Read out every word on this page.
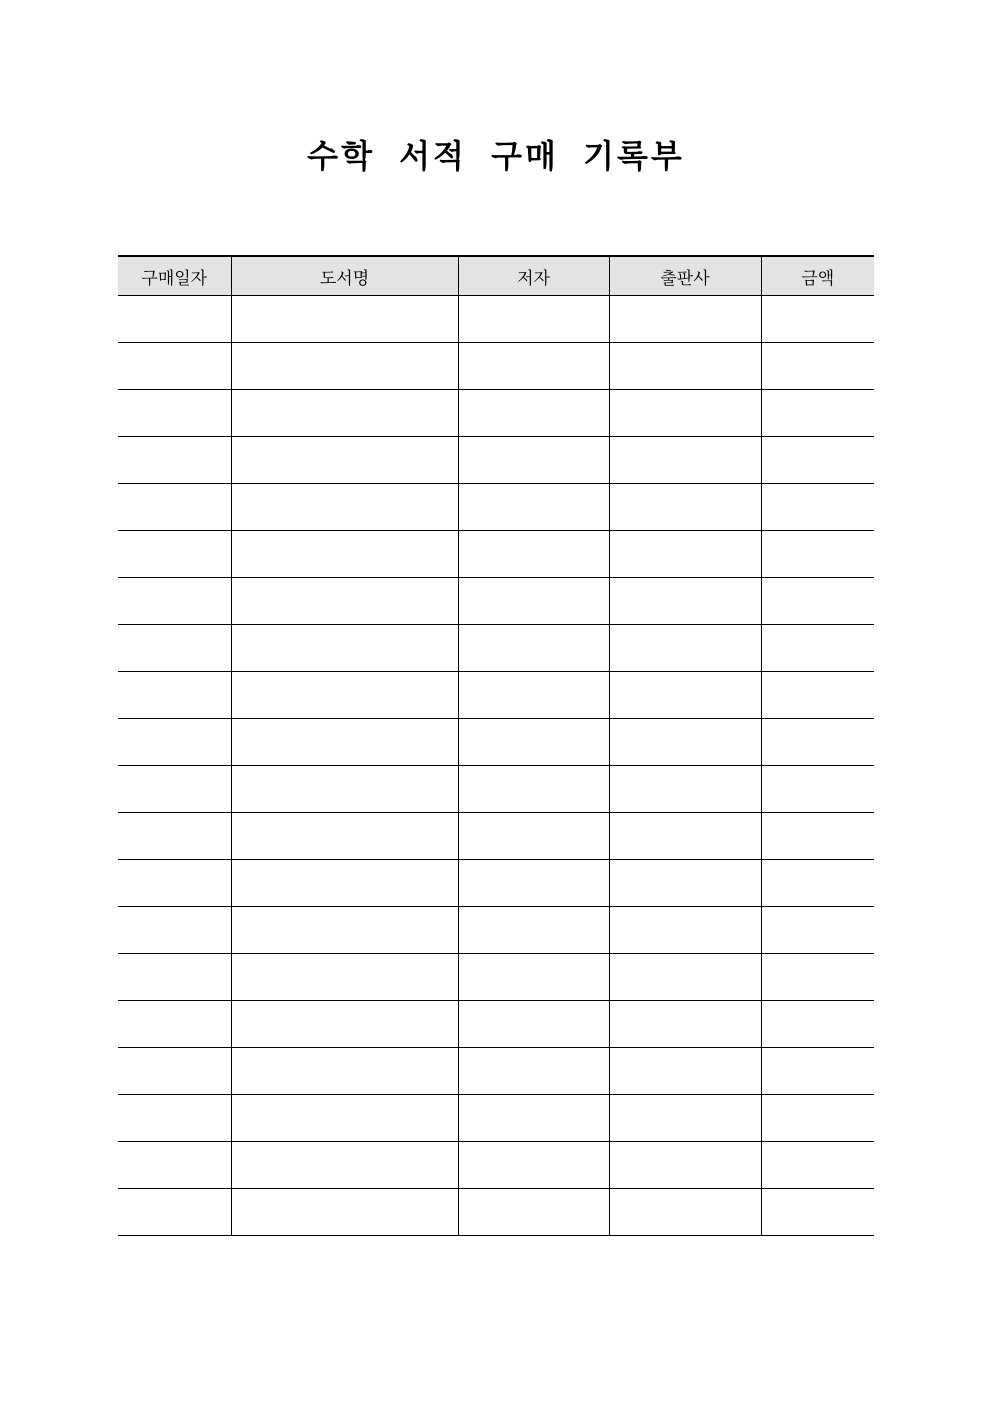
수학 서적 구매 기록부
구매일자	도서명	저자	출판사	금액
